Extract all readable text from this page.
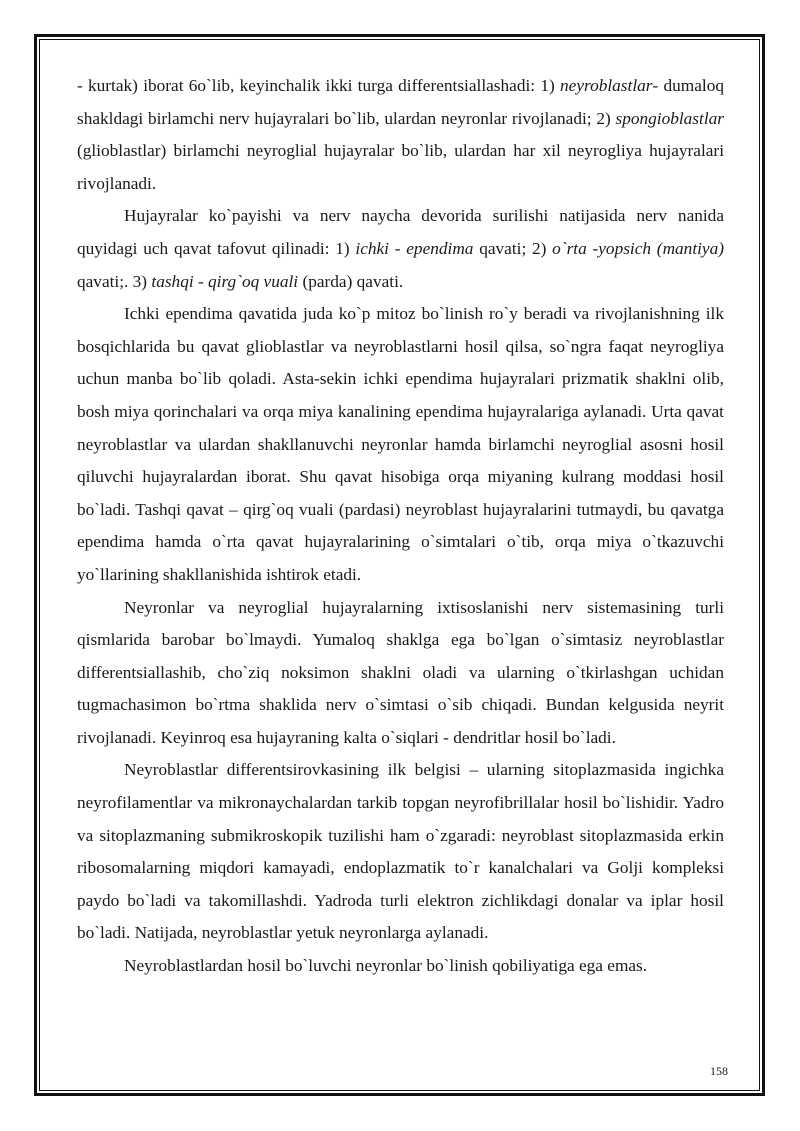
- kurtak) iborat 6o`lib, keyinchalik ikki turga differentsiallashadi: 1) neyroblastlar- dumaloq shakldagi birlamchi nerv hujayralari bo`lib, ulardan neyronlar rivojlanadi; 2) spongioblastlar (glioblastlar) birlamchi neyroglial hujayralar bo`lib, ulardan har xil neyrogliya hujayralari rivojlanadi.

Hujayralar ko`payishi va nerv naycha devorida surilishi natijasida nerv nanida quyidagi uch qavat tafovut qilinadi: 1) ichki - ependima qavati; 2) o`rta -yopsich (mantiya) qavati;. 3) tashqi - qirg`oq vuali (parda) qavati.

Ichki ependima qavatida juda ko`p mitoz bo`linish ro`y beradi va rivojlanishning ilk bosqichlarida bu qavat glioblastlar va neyroblastlarni hosil qilsa, so`ngra faqat neyrogliya uchun manba bo`lib qoladi. Asta-sekin ichki ependima hujayralari prizmatik shaklni olib, bosh miya qorinchalari va orqa miya kanalining ependima hujayralariga aylanadi. Urta qavat neyroblastlar va ulardan shakllanuvchi neyronlar hamda birlamchi neyroglial asosni hosil qiluvchi hujayralardan iborat. Shu qavat hisobiga orqa miyaning kulrang moddasi hosil bo`ladi. Tashqi qavat – qirg`oq vuali (pardasi) neyroblast hujayralarini tutmaydi, bu qavatga ependima hamda o`rta qavat hujayralarining o`simtalari o`tib, orqa miya o`tkazuvchi yo`llarining shakllanishida ishtirok etadi.

Neyronlar va neyroglial hujayralarning ixtisoslanishi nerv sistemasining turli qismlarida barobar bo`lmaydi. Yumaloq shaklga ega bo`lgan o`simtasiz neyroblastlar differentsiallashib, cho`ziq noksimon shaklni oladi va ularning o`tkirlashgan uchidan tugmachasimon bo`rtma shaklida nerv o`simtasi o`sib chiqadi. Bundan kelgusida neyrit rivojlanadi. Keyinroq esa hujayraning kalta o`siqlari - dendritlar hosil bo`ladi.

Neyroblastlar differentsirovkasining ilk belgisi – ularning sitoplazmasida ingichka neyrofilamentlar va mikronaychalardan tarkib topgan neyrofibrillalar hosil bo`lishidir. Yadro va sitoplazmaning submikroskopik tuzilishi ham o`zgaradi: neyroblast sitoplazmasida erkin ribosomalarning miqdori kamayadi, endoplazmatik to`r kanalchalari va Golji kompleksi paydo bo`ladi va takomillashdi. Yadroda turli elektron zichlikdagi donalar va iplar hosil bo`ladi. Natijada, neyroblastlar yetuk neyronlarga aylanadi.

Neyroblastlardan hosil bo`luvchi neyronlar bo`linish qobiliyatiga ega emas.

158
